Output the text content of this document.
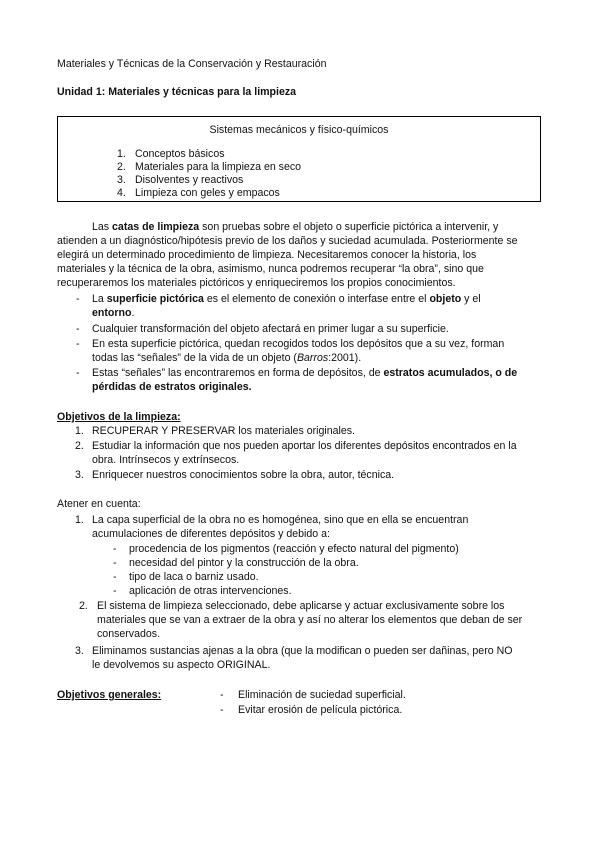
Materiales y Técnicas de la Conservación y Restauración
Unidad 1: Materiales y técnicas para la limpieza
Sistemas mecánicos y físico-químicos
1. Conceptos básicos
2. Materiales para la limpieza en seco
3. Disolventes y reactivos
4. Limpieza con geles y empacos
Las catas de limpieza son pruebas sobre el objeto o superficie pictórica a intervenir, y
atienden a un diagnóstico/hipótesis previo de los daños y suciedad acumulada. Posteriormente se
elegirá un determinado procedimiento de limpieza. Necesitaremos conocer la historia, los
materiales y la técnica de la obra, asimismo, nunca podremos recuperar “la obra”, sino que
recuperaremos los materiales pictóricos y enriqueciremos los propios conocimientos.
- La superficie pictórica es el elemento de conexión o interfase entre el objeto y el
entorno.
- Cualquier transformación del objeto afectará en primer lugar a su superficie.
- En esta superficie pictórica, quedan recogidos todos los depósitos que a su vez, forman
todas las “señales” de la vida de un objeto (Barros:2001).
- Estas “señales” las encontraremos en forma de depósitos, de estratos acumulados, o de
pérdidas de estratos originales.
Objetivos de la limpieza:
1. RECUPERAR Y PRESERVAR los materiales originales.
2. Estudiar la información que nos pueden aportar los diferentes depósitos encontrados en la
obra. Intrínsecos y extrínsecos.
3. Enriquecer nuestros conocimientos sobre la obra, autor, técnica.
Atener en cuenta:
1. La capa superficial de la obra no es homogénea, sino que en ella se encuentran
acumulaciones de diferentes depósitos y debido a:
- procedencia de los pigmentos (reacción y efecto natural del pigmento)
- necesidad del pintor y la construcción de la obra.
- tipo de laca o barniz usado.
- aplicación de otras intervenciones.
2. El sistema de limpieza seleccionado, debe aplicarse y actuar exclusivamente sobre los
materiales que se van a extraer de la obra y así no alterar los elementos que deban de ser
conservados.
3. Eliminamos sustancias ajenas a la obra (que la modifican o pueden ser dañinas, pero NO
le devolvemos su aspecto ORIGINAL.
Objetivos generales:	- Eliminación de suciedad superficial.
- Evitar erosión de película pictórica.
